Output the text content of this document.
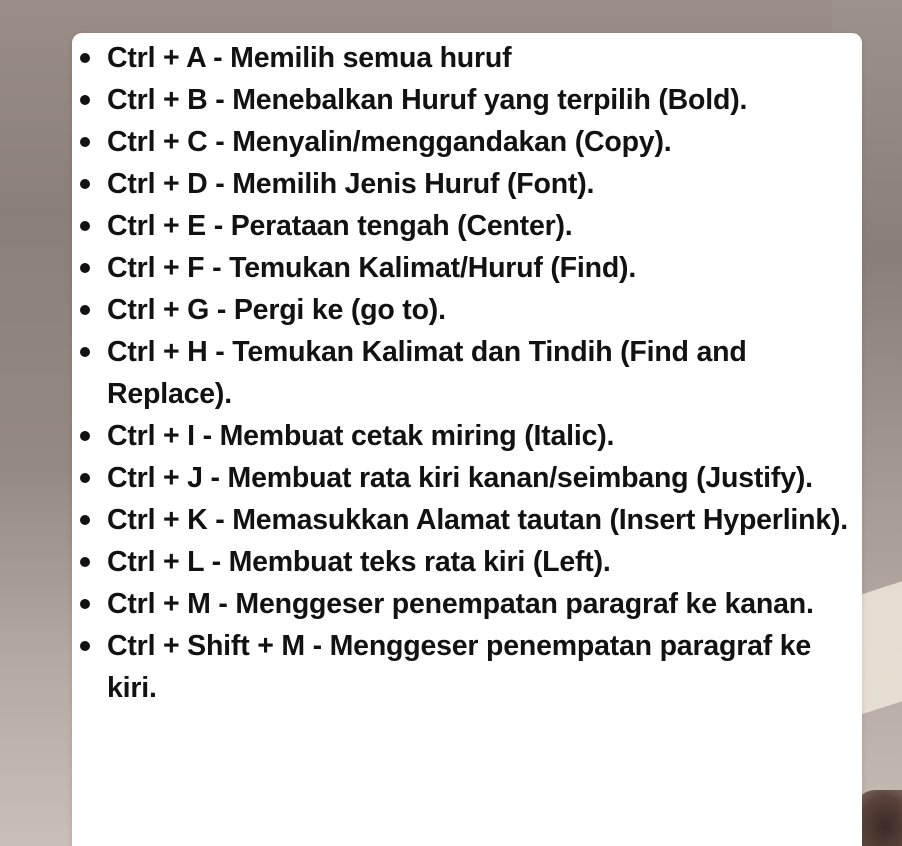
Ctrl + A - Memilih semua huruf
Ctrl + B - Menebalkan Huruf yang terpilih (Bold).
Ctrl + C - Menyalin/menggandakan (Copy).
Ctrl + D - Memilih Jenis Huruf (Font).
Ctrl + E - Perataan tengah (Center).
Ctrl + F - Temukan Kalimat/Huruf (Find).
Ctrl + G - Pergi ke (go to).
Ctrl + H - Temukan Kalimat dan Tindih (Find and Replace).
Ctrl + I - Membuat cetak miring (Italic).
Ctrl + J - Membuat rata kiri kanan/seimbang (Justify).
Ctrl + K - Memasukkan Alamat tautan (Insert Hyperlink).
Ctrl + L - Membuat teks rata kiri (Left).
Ctrl + M - Menggeser penempatan paragraf ke kanan.
Ctrl + Shift + M - Menggeser penempatan paragraf ke kiri.
